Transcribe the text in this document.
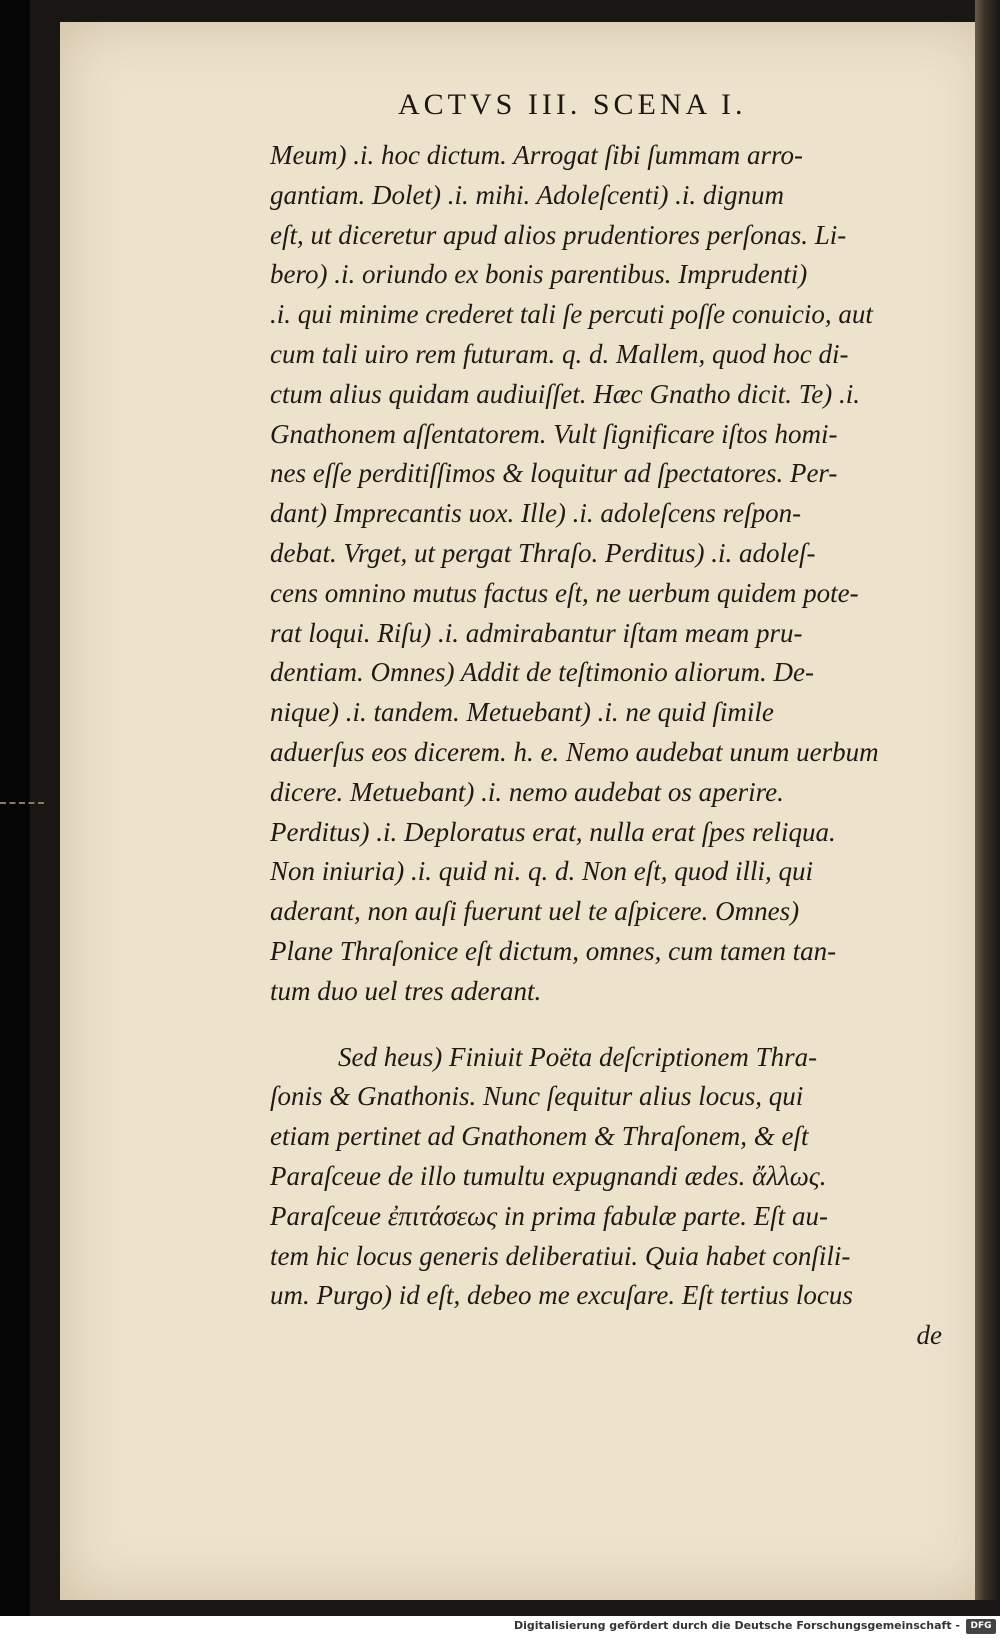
ACTVS III. SCENA I.
Meum) .i. hoc dictum. Arrogat ſibi ſummam arro-
gantiam. Dolet) .i. mihi. Adoleſcenti) .i. dignum
eſt, ut diceretur apud alios prudentiores perſonas. Li-
bero) .i. oriundo ex bonis parentibus. Imprudenti)
.i. qui minime crederet tali ſe percuti poſſe conuicio, aut
cum tali uiro rem futuram. q. d. Mallem, quod hoc di-
ctum alius quidam audiuiſſet. Hæc Gnatho dicit. Te) .i.
Gnathonem aſſentatorem. Vult ſignificare iſtos homi-
nes eſſe perditiſſimos & loquitur ad ſpectatores. Per-
dant) Imprecantis uox. Ille) .i. adoleſcens reſpon-
debat. Vrget, ut pergat Thraſo. Perditus) .i. adoleſ-
cens omnino mutus factus eſt, ne uerbum quidem pote-
rat loqui. Riſu) .i. admirabantur iſtam meam pru-
dentiam. Omnes) Addit de teſtimonio aliorum. De-
nique) .i. tandem. Metuebant) .i. ne quid ſimile
aduerſus eos dicerem. h. e. Nemo audebat unum uerbum
dicere. Metuebant) .i. nemo audebat os aperire.
Perditus) .i. Deploratus erat, nulla erat ſpes reliqua.
Non iniuria) .i. quid ni. q. d. Non eſt, quod illi, qui
aderant, non auſi fuerunt uel te aſpicere. Omnes)
Plane Thraſonice eſt dictum, omnes, cum tamen tan-
tum duo uel tres aderant.
Sed heus) Finiuit Poëta deſcriptionem Thra-
ſonis & Gnathonis. Nunc ſequitur alius locus, qui
etiam pertinet ad Gnathonem & Thraſonem, & eſt
Paraſceue de illo tumultu expugnandi ædes. ἄλλως.
Paraſceue ἐπιτάσεως in prima fabulæ parte. Eſt au-
tem hic locus generis deliberatiui. Quia habet conſili-
um. Purgo) id eſt, debeo me excuſare. Eſt tertius locus
de
Digitalisierung gefördert durch die Deutsche Forschungsgemeinschaft -	DFG
